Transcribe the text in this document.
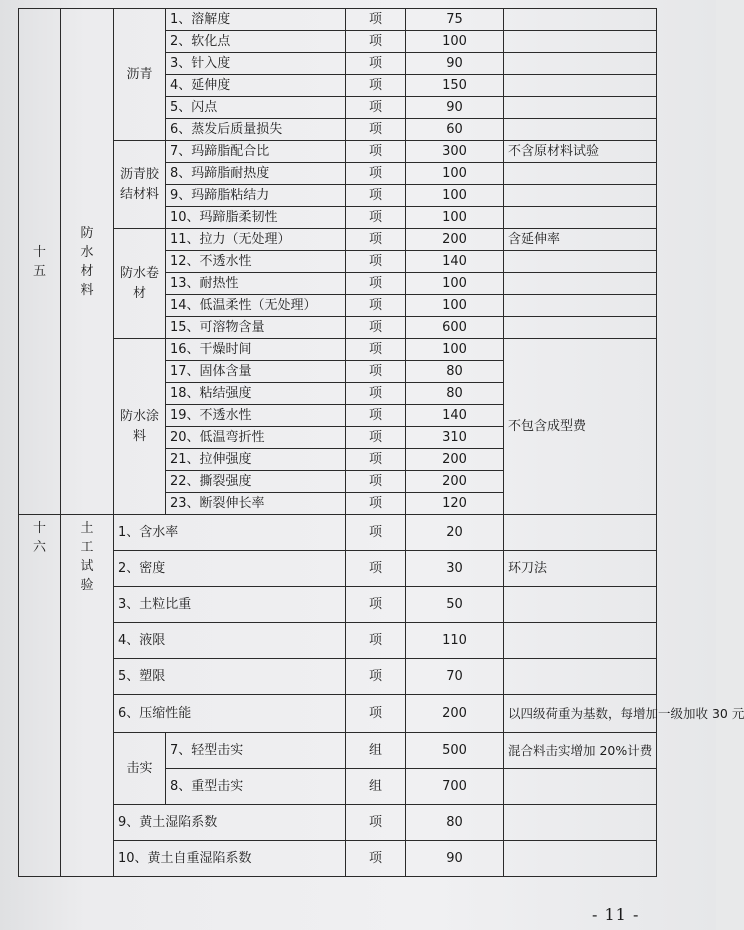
十五	防水材料	沥青	1、溶解度	项	75	
			2、软化点	项	100	
			3、针入度	项	90	
			4、延伸度	项	150	
			5、闪点	项	90	
			6、蒸发后质量损失	项	60	
		沥青胶结材料	7、玛蹄脂配合比	项	300	不含原材料试验
			8、玛蹄脂耐热度	项	100	
			9、玛蹄脂粘结力	项	100	
			10、玛蹄脂柔韧性	项	100	
		防水卷材	11、拉力（无处理）	项	200	含延伸率
			12、不透水性	项	140	
			13、耐热性	项	100	
			14、低温柔性（无处理）	项	100	
			15、可溶物含量	项	600	
		防水涂料	16、干燥时间	项	100	不包含成型费
			17、固体含量	项	80	
			18、粘结强度	项	80	
			19、不透水性	项	140	
			20、低温弯折性	项	310	
			21、拉伸强度	项	200	
			22、撕裂强度	项	200	
			23、断裂伸长率	项	120	
十六	土工试验	1、含水率		项	20	
		2、密度		项	30	环刀法
		3、土粒比重		项	50	
		4、液限		项	110	
		5、塑限		项	70	
		6、压缩性能		项	200	以四级荷重为基数，每增加一级加收 30 元
		击实	7、轻型击实	组	500	混合料击实增加 20%计费
			8、重型击实	组	700	
		9、黄土湿陷系数		项	80	
		10、黄土自重湿陷系数		项	90	
- 11 -
